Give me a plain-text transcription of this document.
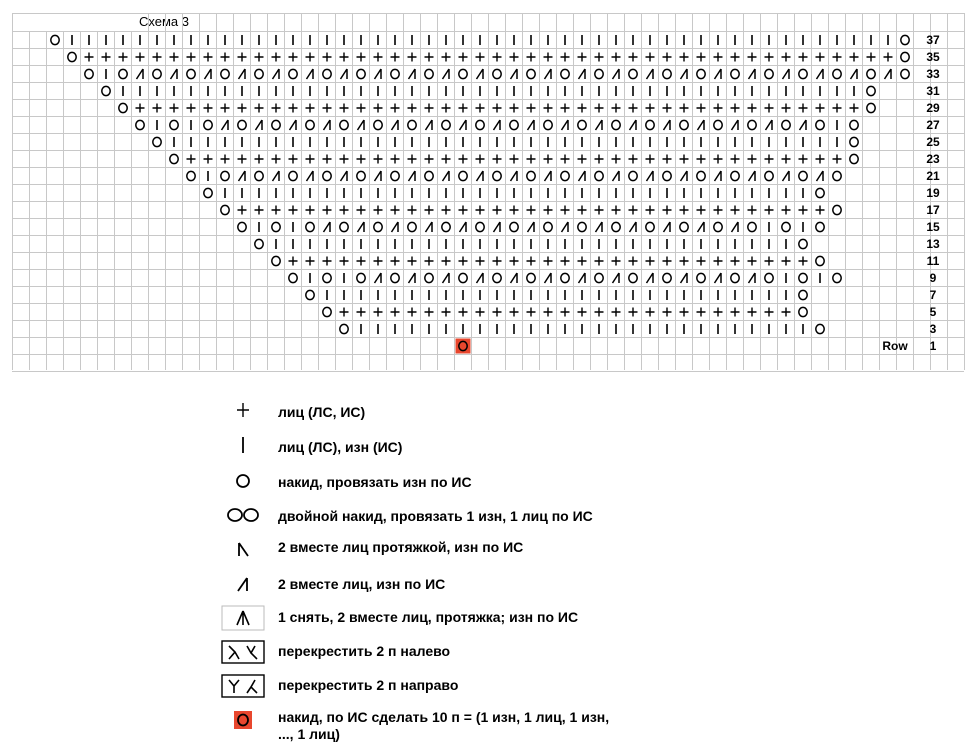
Схема 3
37
35
33
31
29
27
25
23
21
19
17
15
13
11
9
7
5
3
1
Row
лиц (ЛС, ИС)
лиц (ЛС), изн (ИС)
накид, провязать изн по ИС
двойной накид, провязать 1 изн, 1 лиц по ИС
2 вместе лиц протяжкой, изн по ИС
2 вместе лиц, изн по ИС
1 снять, 2 вместе лиц, протяжка; изн по ИС
перекрестить 2 п налево
перекрестить 2 п направо
накид, по ИС сделать 10 п = (1 изн, 1 лиц, 1 изн,
..., 1 лиц)
